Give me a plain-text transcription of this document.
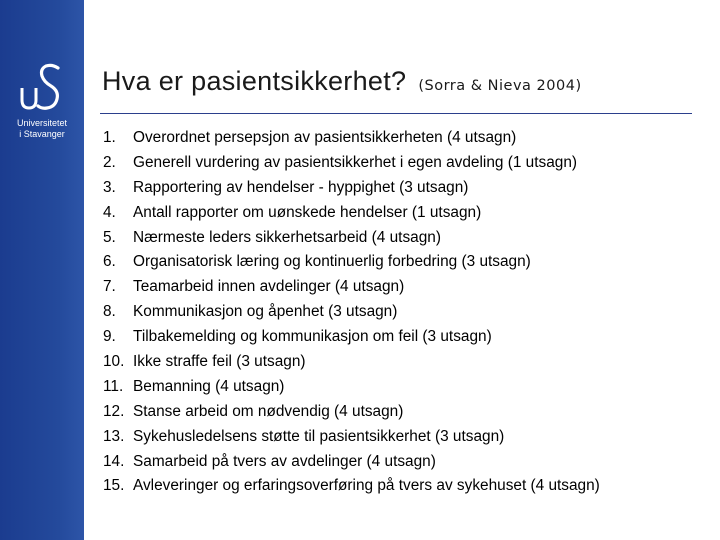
Universitetet
i Stavanger
Hva er pasientsikkerhet? (Sorra & Nieva 2004)
1.	Overordnet persepsjon av pasientsikkerheten (4 utsagn)
2.	Generell vurdering av pasientsikkerhet i egen avdeling (1 utsagn)
3.	Rapportering av hendelser - hyppighet (3 utsagn)
4.	Antall rapporter om uønskede hendelser (1 utsagn)
5.	Nærmeste leders sikkerhetsarbeid (4 utsagn)
6.	Organisatorisk læring og kontinuerlig forbedring (3 utsagn)
7.	Teamarbeid innen avdelinger (4 utsagn)
8.	Kommunikasjon og åpenhet (3 utsagn)
9.	Tilbakemelding og kommunikasjon om feil (3 utsagn)
10. Ikke straffe feil (3 utsagn)
11. Bemanning (4 utsagn)
12. Stanse arbeid om nødvendig (4 utsagn)
13. Sykehusledelsens støtte til pasientsikkerhet (3 utsagn)
14. Samarbeid på tvers av avdelinger (4 utsagn)
15. Avleveringer og erfaringsoverføring på tvers av sykehuset (4 utsagn)
